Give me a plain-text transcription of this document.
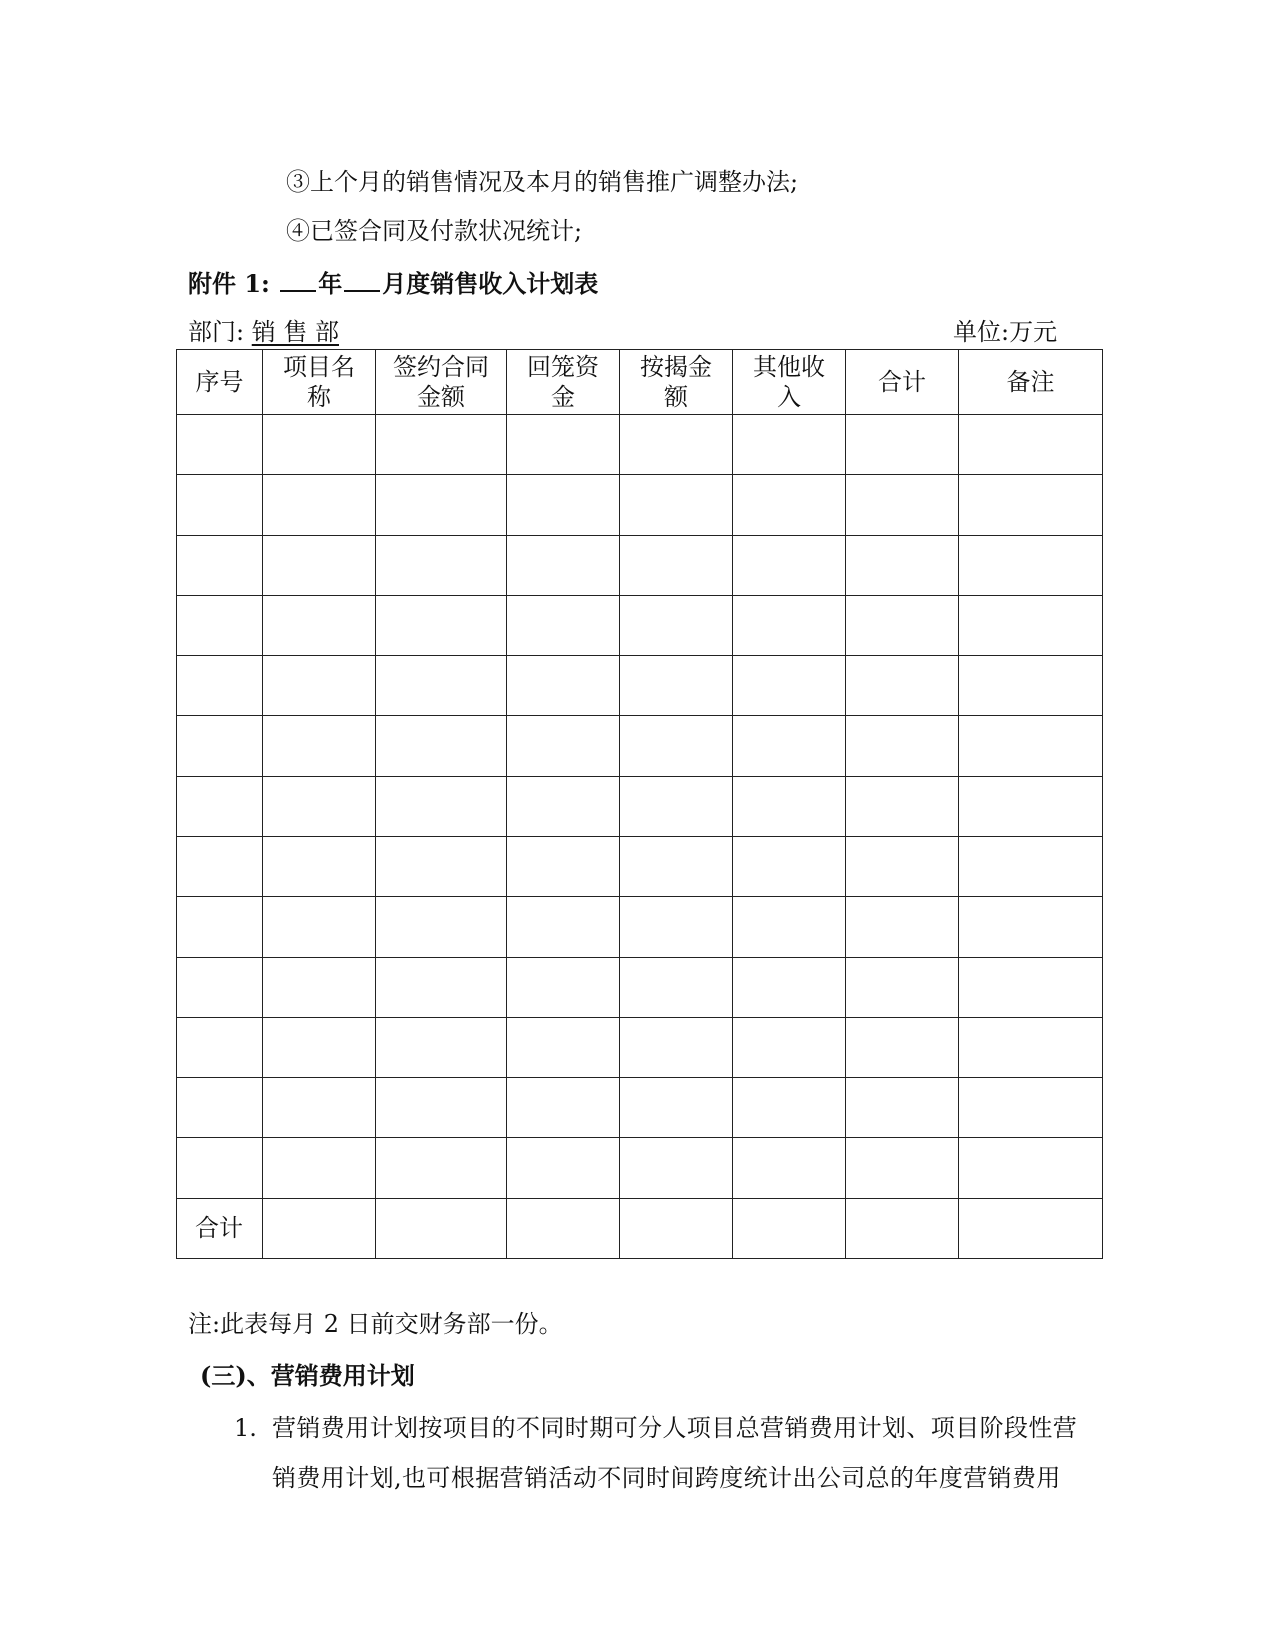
③上个月的销售情况及本月的销售推广调整办法;
④已签合同及付款状况统计;
附件 1: 年 月度销售收入计划表
部门: 销 售 部	单位:万元
序号	项目名称	签约合同金额	回笼资金	按揭金额	其他收入	合计	备注

合计							
注:此表每月 2 日前交财务部一份。
(三)、营销费用计划
1. 营销费用计划按项目的不同时期可分人项目总营销费用计划、项目阶段性营
销费用计划,也可根据营销活动不同时间跨度统计出公司总的年度营销费用
